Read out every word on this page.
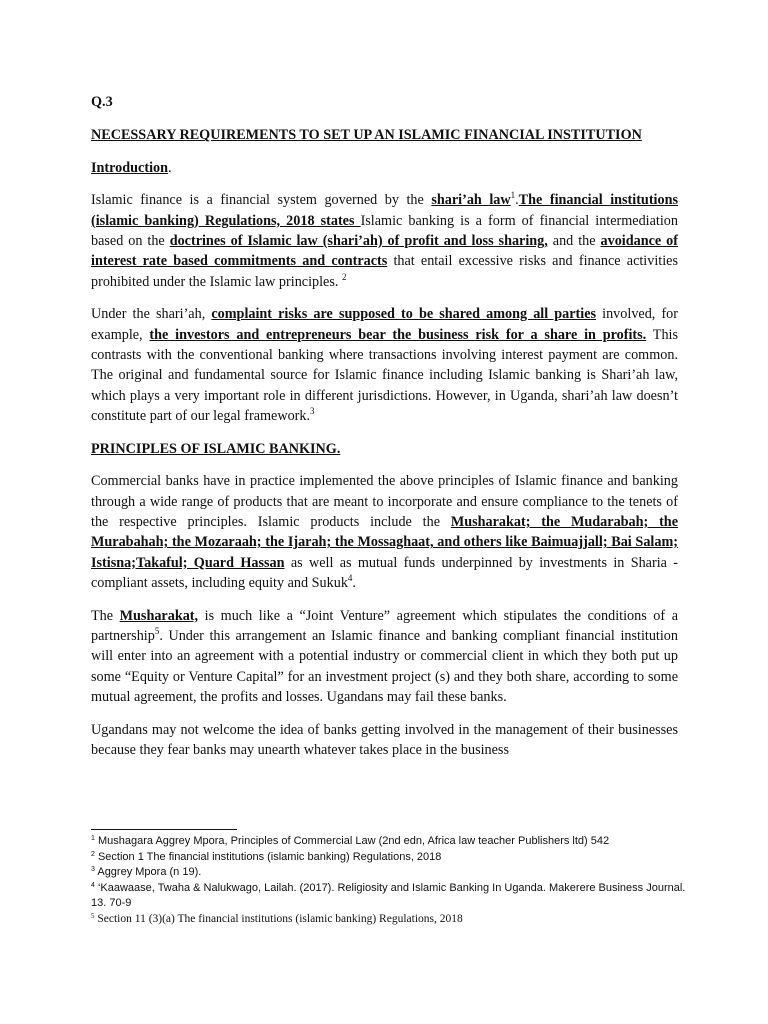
Q.3

NECESSARY REQUIREMENTS TO SET UP AN ISLAMIC FINANCIAL INSTITUTION

Introduction.

Islamic finance is a financial system governed by the shari’ah law$^1$.The financial institutions (islamic banking) Regulations, 2018 states Islamic banking is a form of financial intermediation based on the doctrines of Islamic law (shari’ah) of profit and loss sharing, and the avoidance of interest rate based commitments and contracts that entail excessive risks and finance activities prohibited under the Islamic law principles. $^2$

Under the shari’ah, complaint risks are supposed to be shared among all parties involved, for example, the investors and entrepreneurs bear the business risk for a share in profits. This contrasts with the conventional banking where transactions involving interest payment are common. The original and fundamental source for Islamic finance including Islamic banking is Shari’ah law, which plays a very important role in different jurisdictions. However, in Uganda, shari’ah law doesn’t constitute part of our legal framework.$^3$

PRINCIPLES OF ISLAMIC BANKING.

Commercial banks have in practice implemented the above principles of Islamic finance and banking through a wide range of products that are meant to incorporate and ensure compliance to the tenets of the respective principles. Islamic products include the Musharakat; the Mudarabah; the Murabahah; the Mozaraah; the Ijarah; the Mossaghaat, and others like Baimuajjall; Bai Salam; Istisna;Takaful; Quard Hassan as well as mutual funds underpinned by investments in Sharia - compliant assets, including equity and Sukuk$^4$.

The Musharakat, is much like a “Joint Venture” agreement which stipulates the conditions of a partnership$^5$. Under this arrangement an Islamic finance and banking compliant financial institution will enter into an agreement with a potential industry or commercial client in which they both put up some “Equity or Venture Capital” for an investment project (s) and they both share, according to some mutual agreement, the profits and losses. Ugandans may fail these banks.

Ugandans may not welcome the idea of banks getting involved in the management of their businesses because they fear banks may unearth whatever takes place in the business

$^1$ Mushagara Aggrey Mpora, Principles of Commercial Law (2nd edn, Africa law teacher Publishers ltd) 542

$^2$ Section 1 The financial institutions (islamic banking) Regulations, 2018

$^3$ Aggrey Mpora (n 19).

$^4$ ‘Kaawaase, Twaha & Nalukwago, Lailah. (2017). Religiosity and Islamic Banking In Uganda. Makerere Business Journal. 13. 70-9

$^5$ Section 11 (3)(a) The financial institutions (islamic banking) Regulations, 2018
